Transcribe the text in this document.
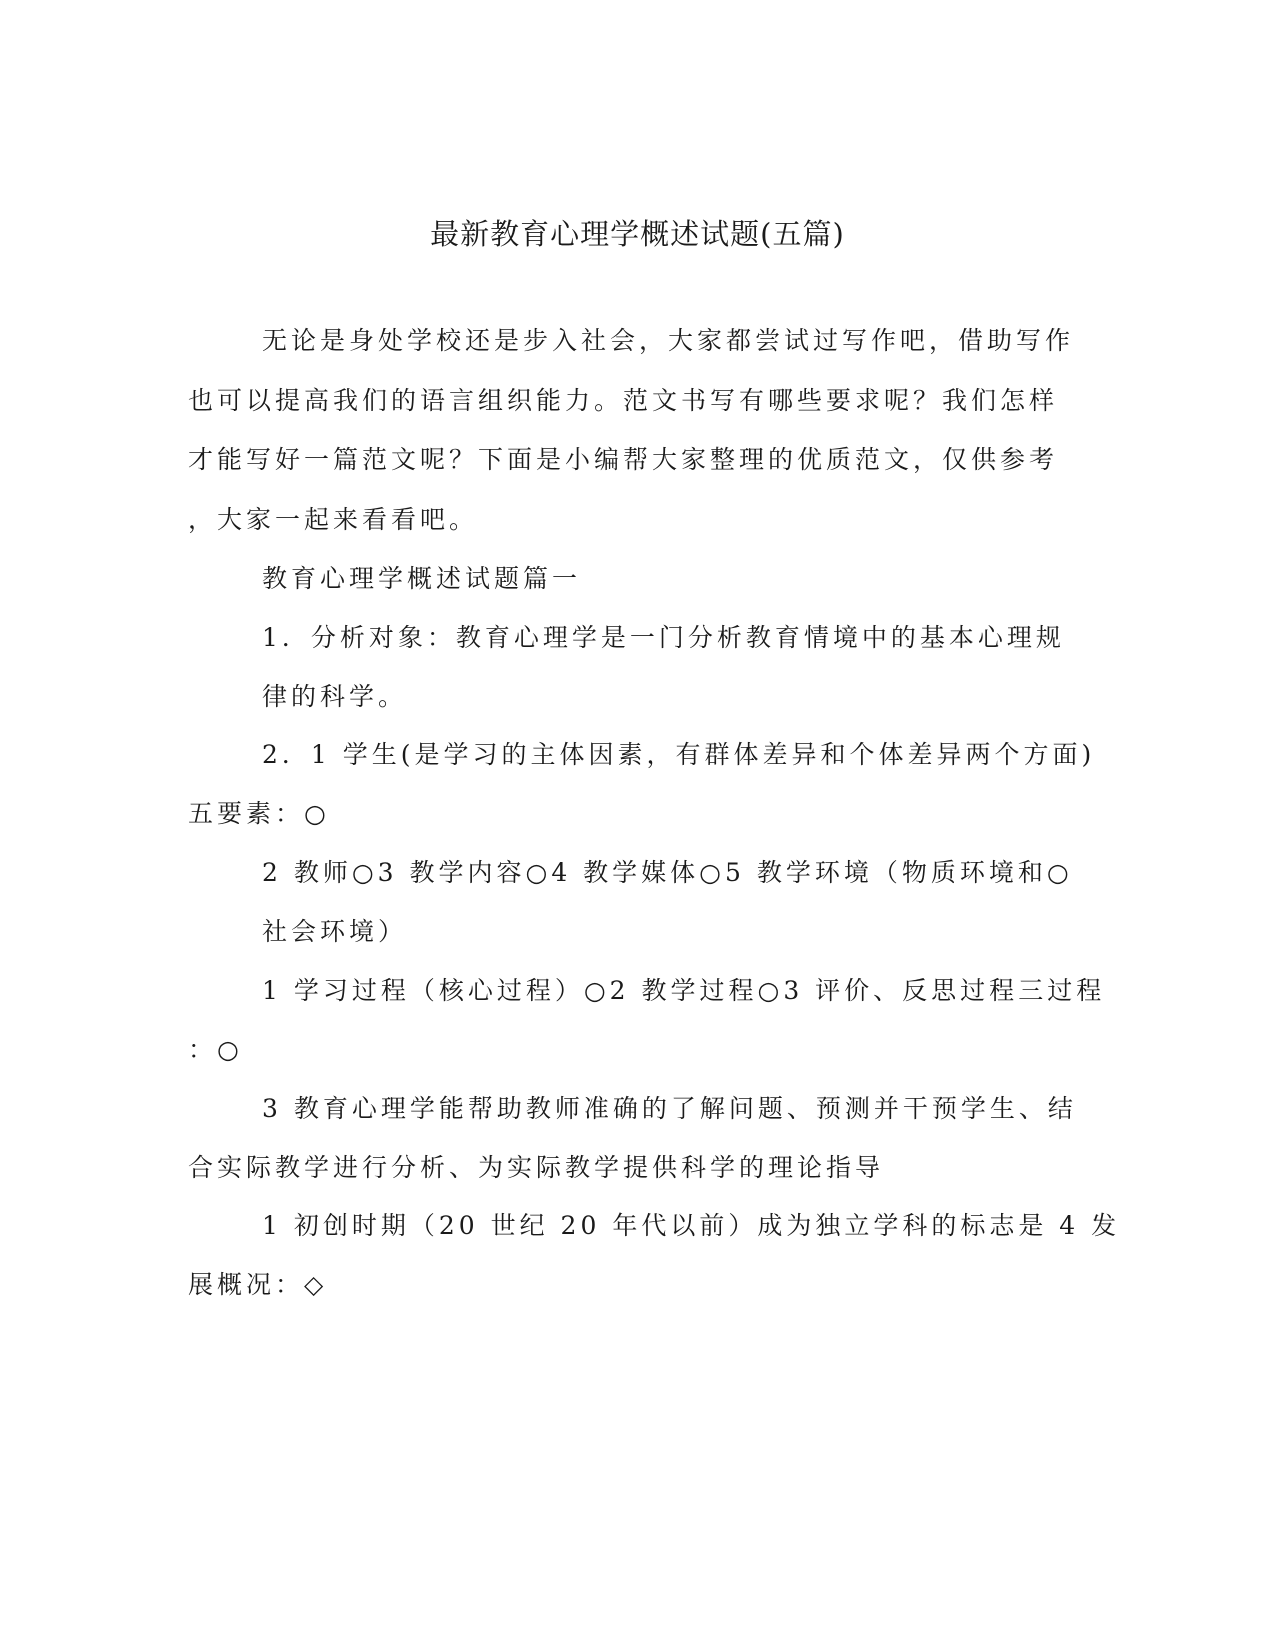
最新教育心理学概述试题(五篇)

无论是身处学校还是步入社会，大家都尝试过写作吧，借助写作

也可以提高我们的语言组织能力。范文书写有哪些要求呢？我们怎样

才能写好一篇范文呢？下面是小编帮大家整理的优质范文，仅供参考

，大家一起来看看吧。

教育心理学概述试题篇一

1．分析对象：教育心理学是一门分析教育情境中的基本心理规

律的科学。

2．1 学生(是学习的主体因素，有群体差异和个体差异两个方面)

五要素：○

2 教师○3 教学内容○4 教学媒体○5 教学环境（物质环境和○

社会环境）

1 学习过程（核心过程）○2 教学过程○3 评价、反思过程三过程

：○

3 教育心理学能帮助教师准确的了解问题、预测并干预学生、结

合实际教学进行分析、为实际教学提供科学的理论指导

1 初创时期（20 世纪 20 年代以前）成为独立学科的标志是 4 发

展概况：◇
